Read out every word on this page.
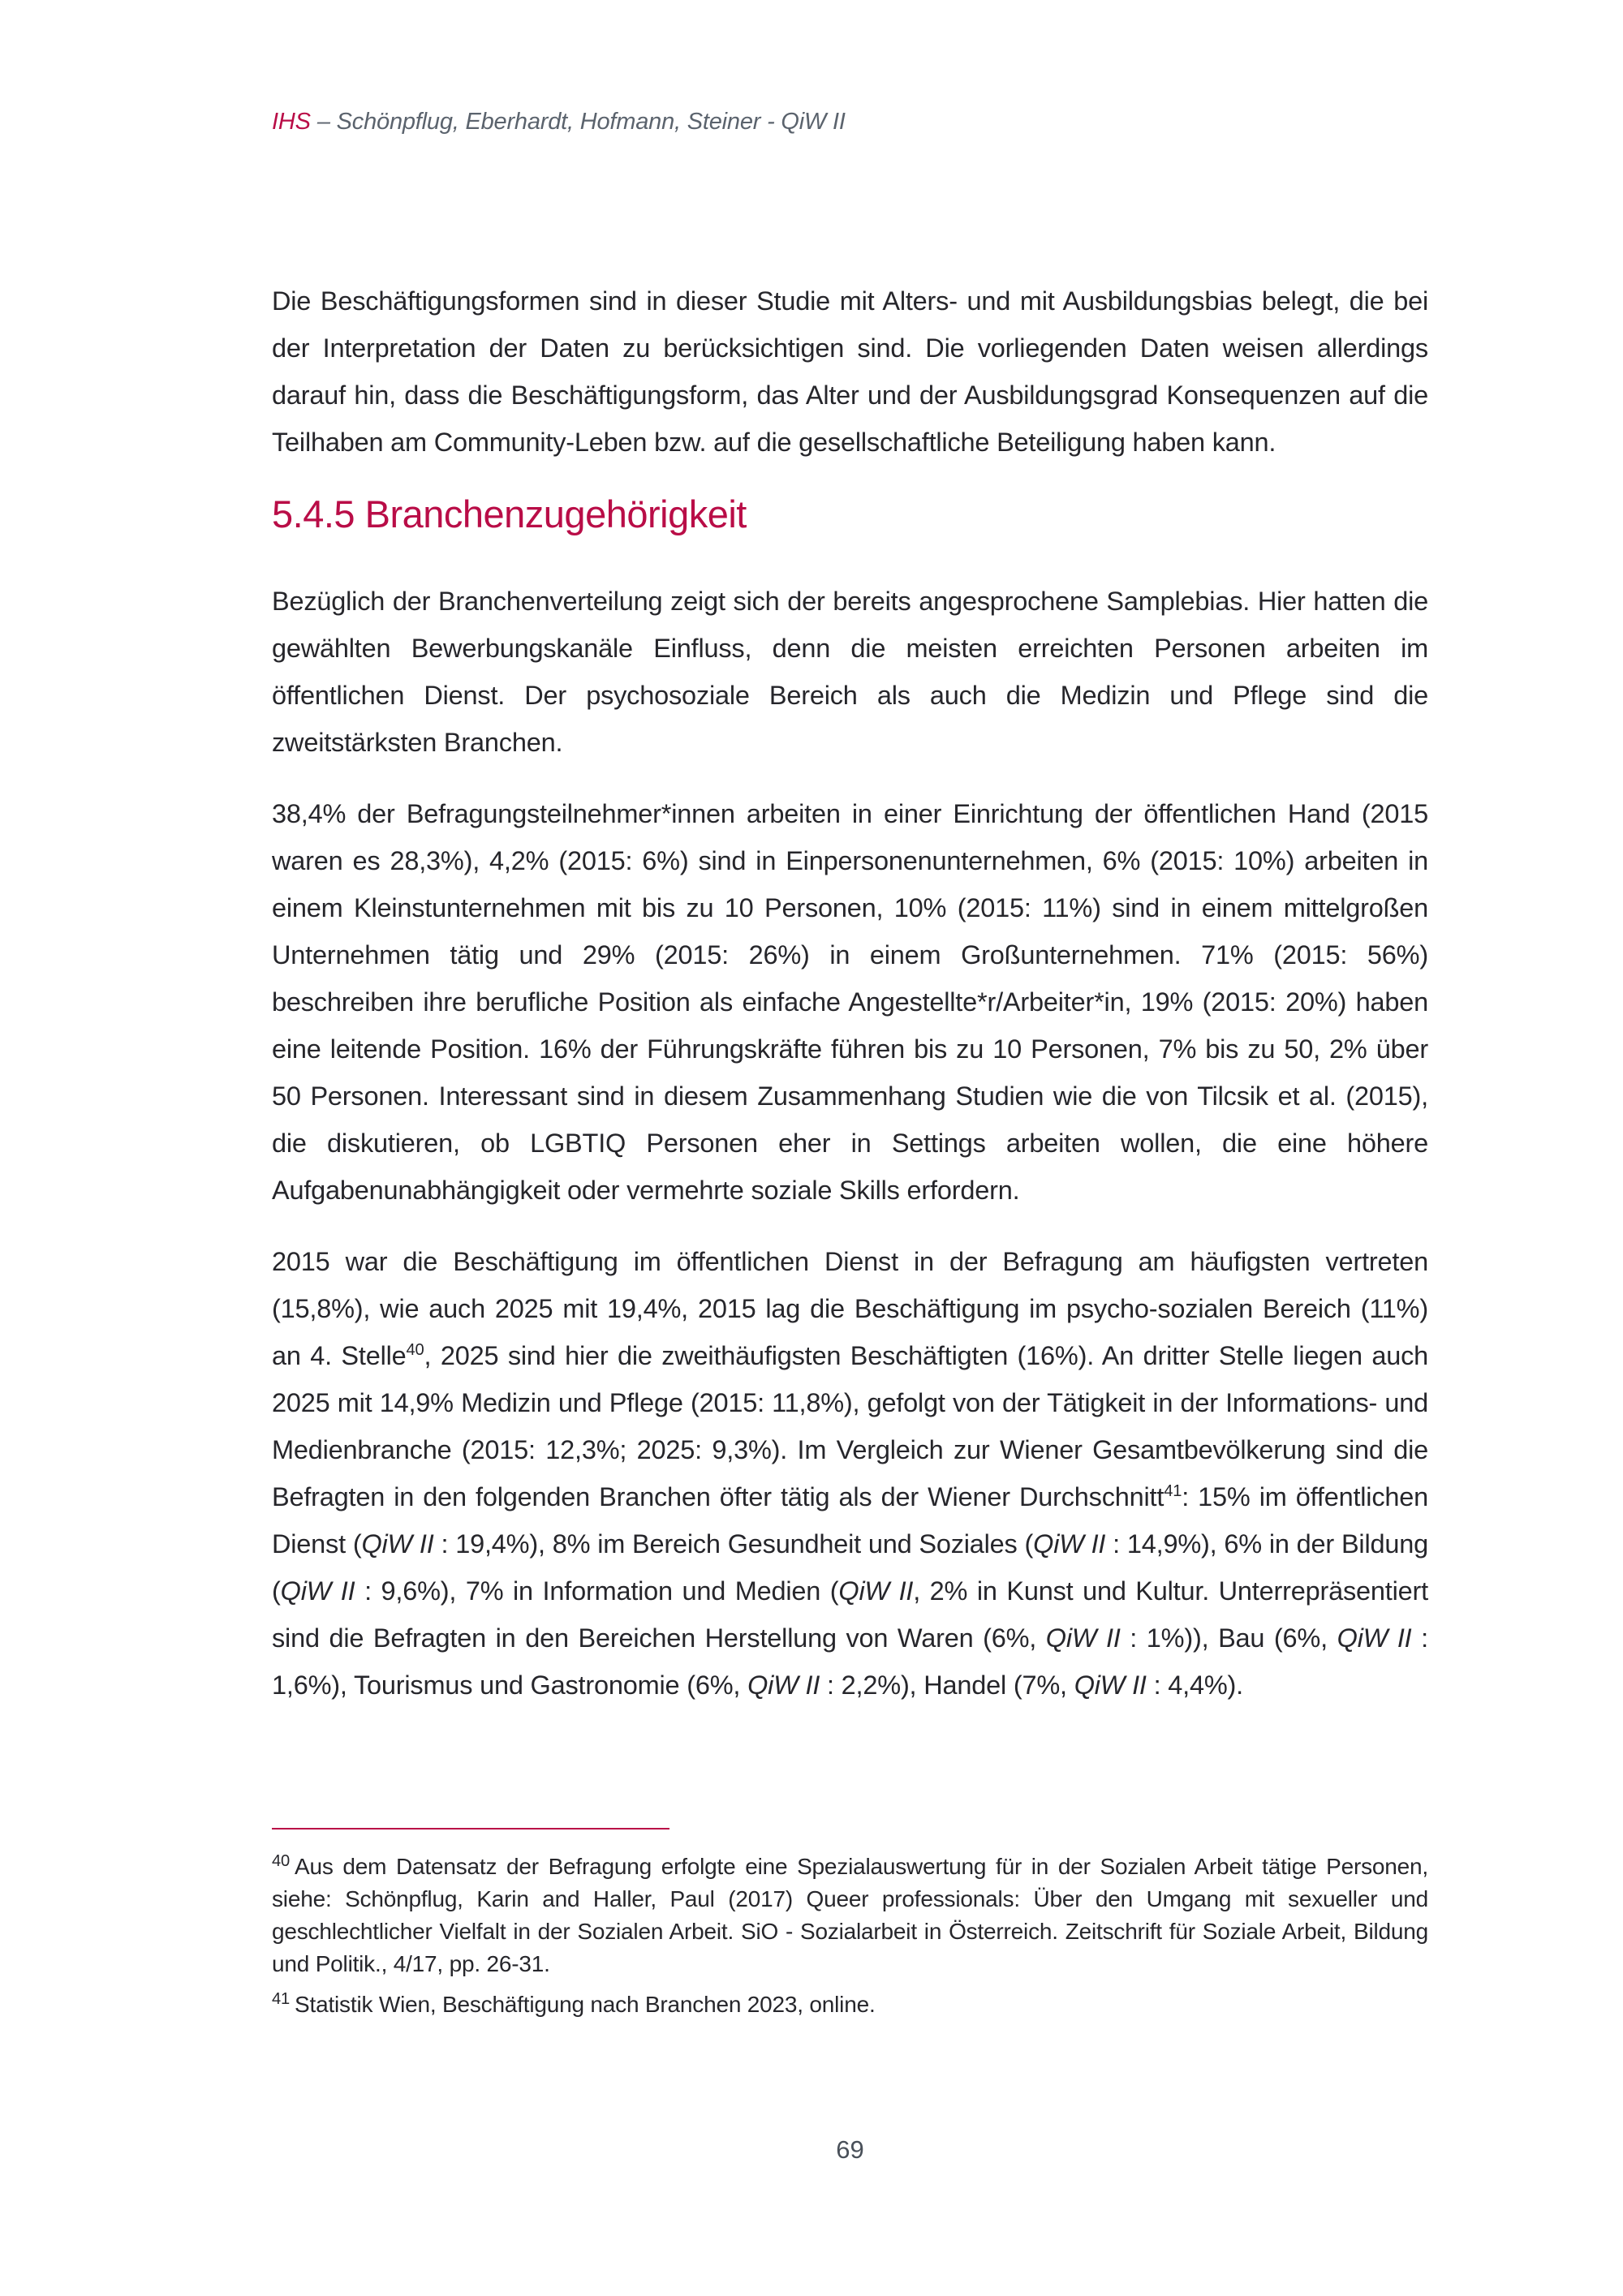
IHS – Schönpflug, Eberhardt, Hofmann, Steiner - QiW II

Die Beschäftigungsformen sind in dieser Studie mit Alters- und mit Ausbildungsbias belegt, die bei der Interpretation der Daten zu berücksichtigen sind. Die vorliegenden Daten weisen allerdings darauf hin, dass die Beschäftigungsform, das Alter und der Ausbildungsgrad Konsequenzen auf die Teilhaben am Community-Leben bzw. auf die gesellschaftliche Beteiligung haben kann.

5.4.5 Branchenzugehörigkeit

Bezüglich der Branchenverteilung zeigt sich der bereits angesprochene Samplebias. Hier hatten die gewählten Bewerbungskanäle Einfluss, denn die meisten erreichten Personen arbeiten im öffentlichen Dienst. Der psychosoziale Bereich als auch die Medizin und Pflege sind die zweitstärksten Branchen.

38,4% der Befragungsteilnehmer*innen arbeiten in einer Einrichtung der öffentlichen Hand (2015 waren es 28,3%), 4,2% (2015: 6%) sind in Einpersonenunternehmen, 6% (2015: 10%) arbeiten in einem Kleinstunternehmen mit bis zu 10 Personen, 10% (2015: 11%) sind in einem mittelgroßen Unternehmen tätig und 29% (2015: 26%) in einem Großunternehmen. 71% (2015: 56%) beschreiben ihre berufliche Position als einfache Angestellte*r/Arbeiter*in, 19% (2015: 20%) haben eine leitende Position. 16% der Führungskräfte führen bis zu 10 Personen, 7% bis zu 50, 2% über 50 Personen. Interessant sind in diesem Zusammenhang Studien wie die von Tilcsik et al. (2015), die diskutieren, ob LGBTIQ Personen eher in Settings arbeiten wollen, die eine höhere Aufgabenunabhängigkeit oder vermehrte soziale Skills erfordern.

2015 war die Beschäftigung im öffentlichen Dienst in der Befragung am häufigsten vertreten (15,8%), wie auch 2025 mit 19,4%, 2015 lag die Beschäftigung im psycho-sozialen Bereich (11%) an 4. Stelle$^{40}$, 2025 sind hier die zweithäufigsten Beschäftigten (16%). An dritter Stelle liegen auch 2025 mit 14,9% Medizin und Pflege (2015: 11,8%), gefolgt von der Tätigkeit in der Informations- und Medienbranche (2015: 12,3%; 2025: 9,3%). Im Vergleich zur Wiener Gesamtbevölkerung sind die Befragten in den folgenden Branchen öfter tätig als der Wiener Durchschnitt$^{41}$: 15% im öffentlichen Dienst (QiW II : 19,4%), 8% im Bereich Gesundheit und Soziales (QiW II : 14,9%), 6% in der Bildung (QiW II : 9,6%), 7% in Information und Medien (QiW II, 2% in Kunst und Kultur. Unterrepräsentiert sind die Befragten in den Bereichen Herstellung von Waren (6%, QiW II : 1%)), Bau (6%, QiW II : 1,6%), Tourismus und Gastronomie (6%, QiW II : 2,2%), Handel (7%, QiW II : 4,4%).

$^{40}$ Aus dem Datensatz der Befragung erfolgte eine Spezialauswertung für in der Sozialen Arbeit tätige Personen, siehe: Schönpflug, Karin and Haller, Paul (2017) Queer professionals: Über den Umgang mit sexueller und geschlechtlicher Vielfalt in der Sozialen Arbeit. SiO - Sozialarbeit in Österreich. Zeitschrift für Soziale Arbeit, Bildung und Politik., 4/17, pp. 26-31.

$^{41}$ Statistik Wien, Beschäftigung nach Branchen 2023, online.

69
